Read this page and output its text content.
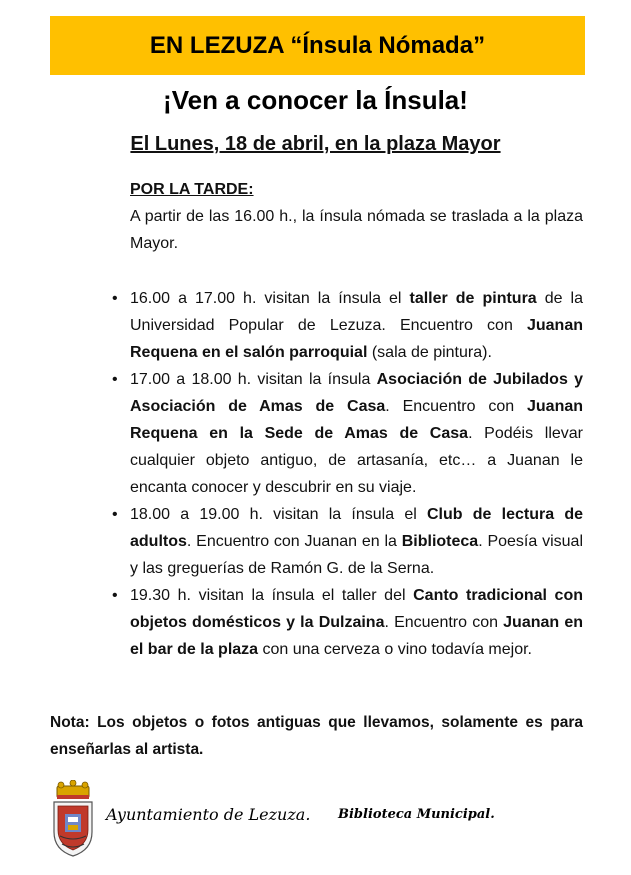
EN LEZUZA “Ínsula Nómada”
¡Ven a conocer la Ínsula!
El Lunes, 18 de abril, en la plaza Mayor
POR LA TARDE:
A partir de las 16.00 h., la ínsula nómada se traslada a la plaza Mayor.
• 16.00 a 17.00 h. visitan la ínsula el taller de pintura de la Universidad Popular de Lezuza. Encuentro con Juanan Requena en el salón parroquial (sala de pintura).
• 17.00 a 18.00 h. visitan la ínsula Asociación de Jubilados y Asociación de Amas de Casa. Encuentro con Juanan Requena en la Sede de Amas de Casa. Podéis llevar cualquier objeto antiguo, de artasanía, etc… a Juanan le encanta conocer y descubrir en su viaje.
• 18.00 a 19.00 h. visitan la ínsula el Club de lectura de adultos. Encuentro con Juanan en la Biblioteca. Poesía visual y las greguerías de Ramón G. de la Serna.
• 19.30 h. visitan la ínsula el taller del Canto tradicional con objetos domésticos y la Dulzaina. Encuentro con Juanan en el bar de la plaza con una cerveza o vino todavía mejor.
Nota: Los objetos o fotos antiguas que llevamos, solamente es para enseñarlas al artista.
Ayuntamiento de Lezuza. Biblioteca Municipal.
